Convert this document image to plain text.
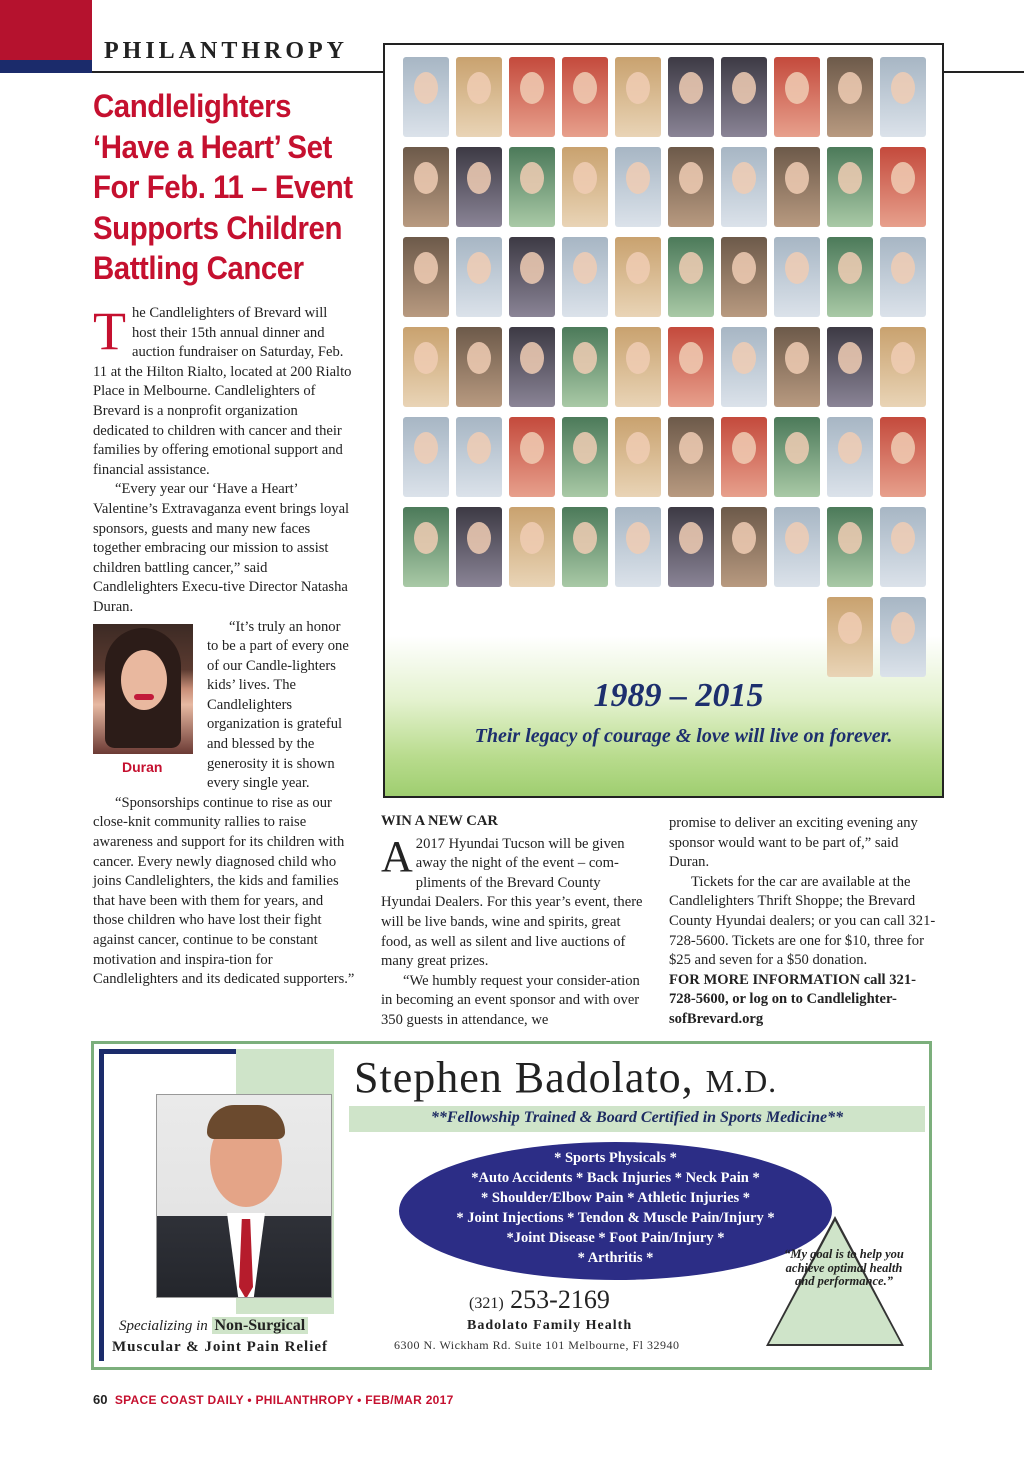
PHILANTHROPY
Candlelighters ‘Have a Heart’ Set For Feb. 11 – Event Supports Children Battling Cancer

The Candlelighters of Brevard will host their 15th annual dinner and auction fundraiser on Saturday, Feb. 11 at the Hilton Rialto, located at 200 Rialto Place in Melbourne. Candlelighters of Brevard is a nonprofit organization dedicated to children with cancer and their families by offering emotional support and financial assistance.

“Every year our ‘Have a Heart’ Valentine’s Extravaganza event brings loyal sponsors, guests and many new faces together embracing our mission to assist children battling cancer,” said Candlelighters Execu-tive Director Natasha Duran.

Duran

“It’s truly an honor to be a part of every one of our Candle-lighters kids’ lives. The Candlelighters organization is grateful and blessed by the generosity it is shown every single year.

“Sponsorships continue to rise as our close-knit community rallies to raise awareness and support for its children with cancer. Every newly diagnosed child who joins Candlelighters, the kids and families that have been with them for years, and those children who have lost their fight against cancer, continue to be constant motivation and inspira-tion for Candlelighters and its dedicated supporters.”

1989 – 2015
Their legacy of courage & love will live on forever.
WIN A NEW CAR

A 2017 Hyundai Tucson will be given away the night of the event – com-pliments of the Brevard County Hyundai Dealers. For this year’s event, there will be live bands, wine and spirits, great food, as well as silent and live auctions of many great prizes.

“We humbly request your consider-ation in becoming an event sponsor and with over 350 guests in attendance, we

promise to deliver an exciting evening any sponsor would want to be part of,” said Duran.

Tickets for the car are available at the Candlelighters Thrift Shoppe; the Brevard County Hyundai dealers; or you can call 321-728-5600. Tickets are one for $10, three for $25 and seven for a $50 donation.

FOR MORE INFORMATION call 321-728-5600, or log on to Candlelighter-sofBrevard.org

Stephen Badolato, M.D.
**Fellowship Trained & Board Certified in Sports Medicine**
* Sports Physicals *
*Auto Accidents * Back Injuries * Neck Pain *
* Shoulder/Elbow Pain * Athletic Injuries *
* Joint Injections * Tendon & Muscle Pain/Injury *
*Joint Disease * Foot Pain/Injury *
* Arthritis *
(321) 253-2169
Badolato Family Health
6300 N. Wickham Rd. Suite 101 Melbourne, Fl 32940
Specializing in Non-Surgical
Muscular & Joint Pain Relief
“My goal is to help you achieve optimal health and performance.”
60 SPACE COAST DAILY • PHILANTHROPY • FEB/MAR 2017
